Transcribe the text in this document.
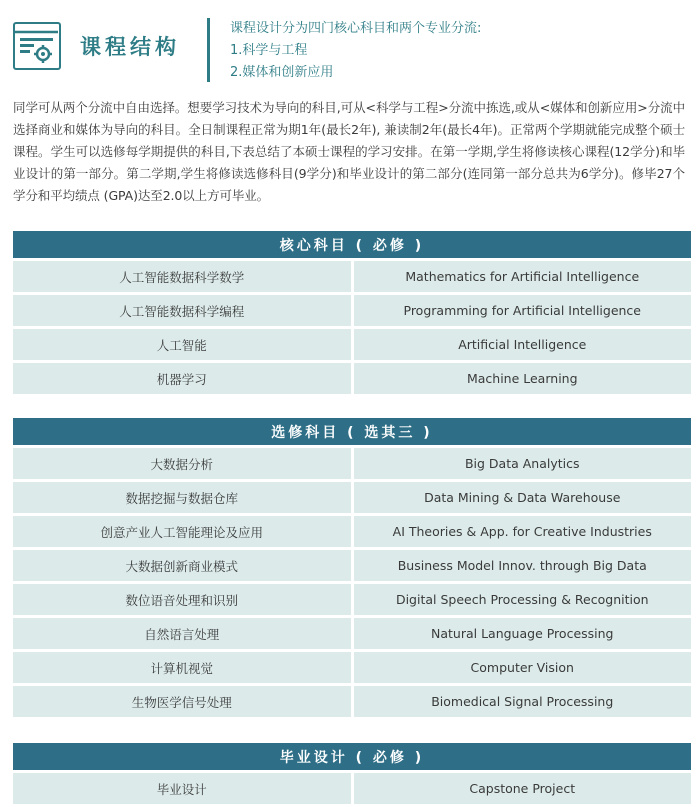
课程结构
课程设计分为四门核心科目和两个专业分流:
1.科学与工程
2.媒体和创新应用
同学可从两个分流中自由选择。想要学习技术为导向的科目,可从<科学与工程>分流中拣选,或从<媒体和创新应用>分流中选择商业和媒体为导向的科目。全日制课程正常为期1年(最长2年), 兼读制2年(最长4年)。正常两个学期就能完成整个硕士课程。学生可以选修每学期提供的科目,下表总结了本硕士课程的学习安排。在第一学期,学生将修读核心课程(12学分)和毕业设计的第一部分。第二学期,学生将修读选修科目(9学分)和毕业设计的第二部分(连同第一部分总共为6学分)。修毕27个学分和平均绩点 (GPA)达至2.0以上方可毕业。
核心科目 ( 必修 )	
人工智能数据科学数学	Mathematics for Artificial Intelligence
人工智能数据科学编程	Programming for Artificial Intelligence
人工智能	Artificial Intelligence
机器学习	Machine Learning
选修科目 ( 选其三 )	
大数据分析	Big Data Analytics
数据挖掘与数据仓库	Data Mining & Data Warehouse
创意产业人工智能理论及应用	AI Theories & App. for Creative Industries
大数据创新商业模式	Business Model Innov. through Big Data
数位语音处理和识别	Digital Speech Processing & Recognition
自然语言处理	Natural Language Processing
计算机视觉	Computer Vision
生物医学信号处理	Biomedical Signal Processing
毕业设计 ( 必修 )
毕业设计	Capstone Project
